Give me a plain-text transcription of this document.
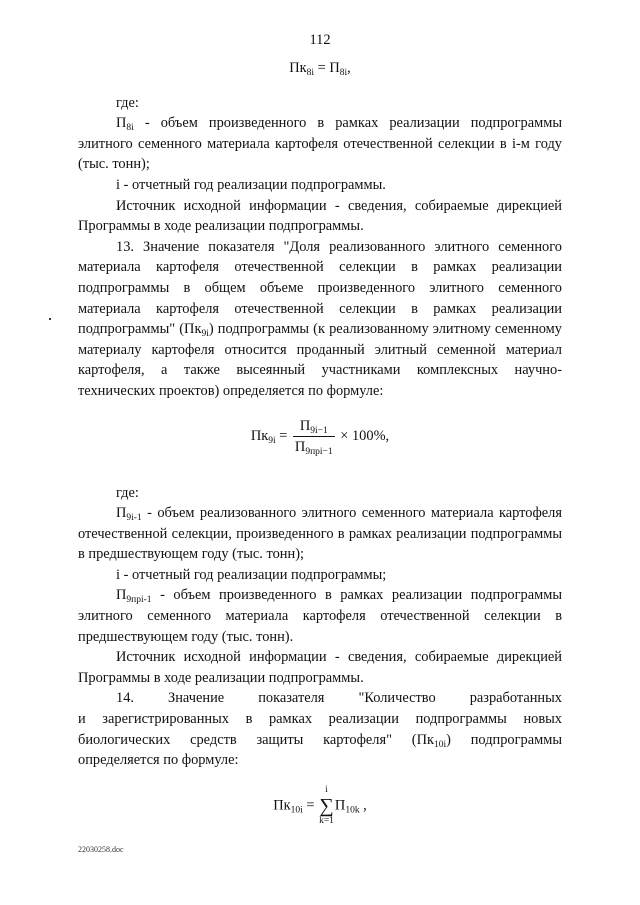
112

$Пк_{8i} = П_{8i}$,

где:

$П_{8i}$ - объем произведенного в рамках реализации подпрограммы элитного семенного материала картофеля отечественной селекции в i-м году (тыс. тонн);

i - отчетный год реализации подпрограммы.

Источник исходной информации - сведения, собираемые дирекцией Программы в ходе реализации подпрограммы.

13. Значение показателя "Доля реализованного элитного семенного материала картофеля отечественной селекции в рамках реализации подпрограммы в общем объеме произведенного элитного семенного материала картофеля отечественной селекции в рамках реализации подпрограммы" $(Пк_{9i})$ подпрограммы (к реализованному элитному семенному материалу картофеля относится проданный элитный семенной материал картофеля, а также высеянный участниками комплексных научно-технических проектов) определяется по формуле:

$Пк_{9i} = \frac{П_{9i-1}}{П_{9прi-1}} \times 100\%$,

где:

$П_{9i-1}$ - объем реализованного элитного семенного материала картофеля отечественной селекции, произведенного в рамках реализации подпрограммы в предшествующем году (тыс. тонн);

i - отчетный год реализации подпрограммы;

$П_{9прi-1}$ - объем произведенного в рамках реализации подпрограммы элитного семенного материала картофеля отечественной селекции в предшествующем году (тыс. тонн).

Источник исходной информации - сведения, собираемые дирекцией Программы в ходе реализации подпрограммы.

14. Значение показателя "Количество разработанных

и зарегистрированных в рамках реализации подпрограммы новых биологических средств защиты картофеля" $(Пк_{10i})$ подпрограммы определяется по формуле:

$Пк_{10i}$ =
i
∑
k=1
$П_{10k}$ ,

22030258.doc
